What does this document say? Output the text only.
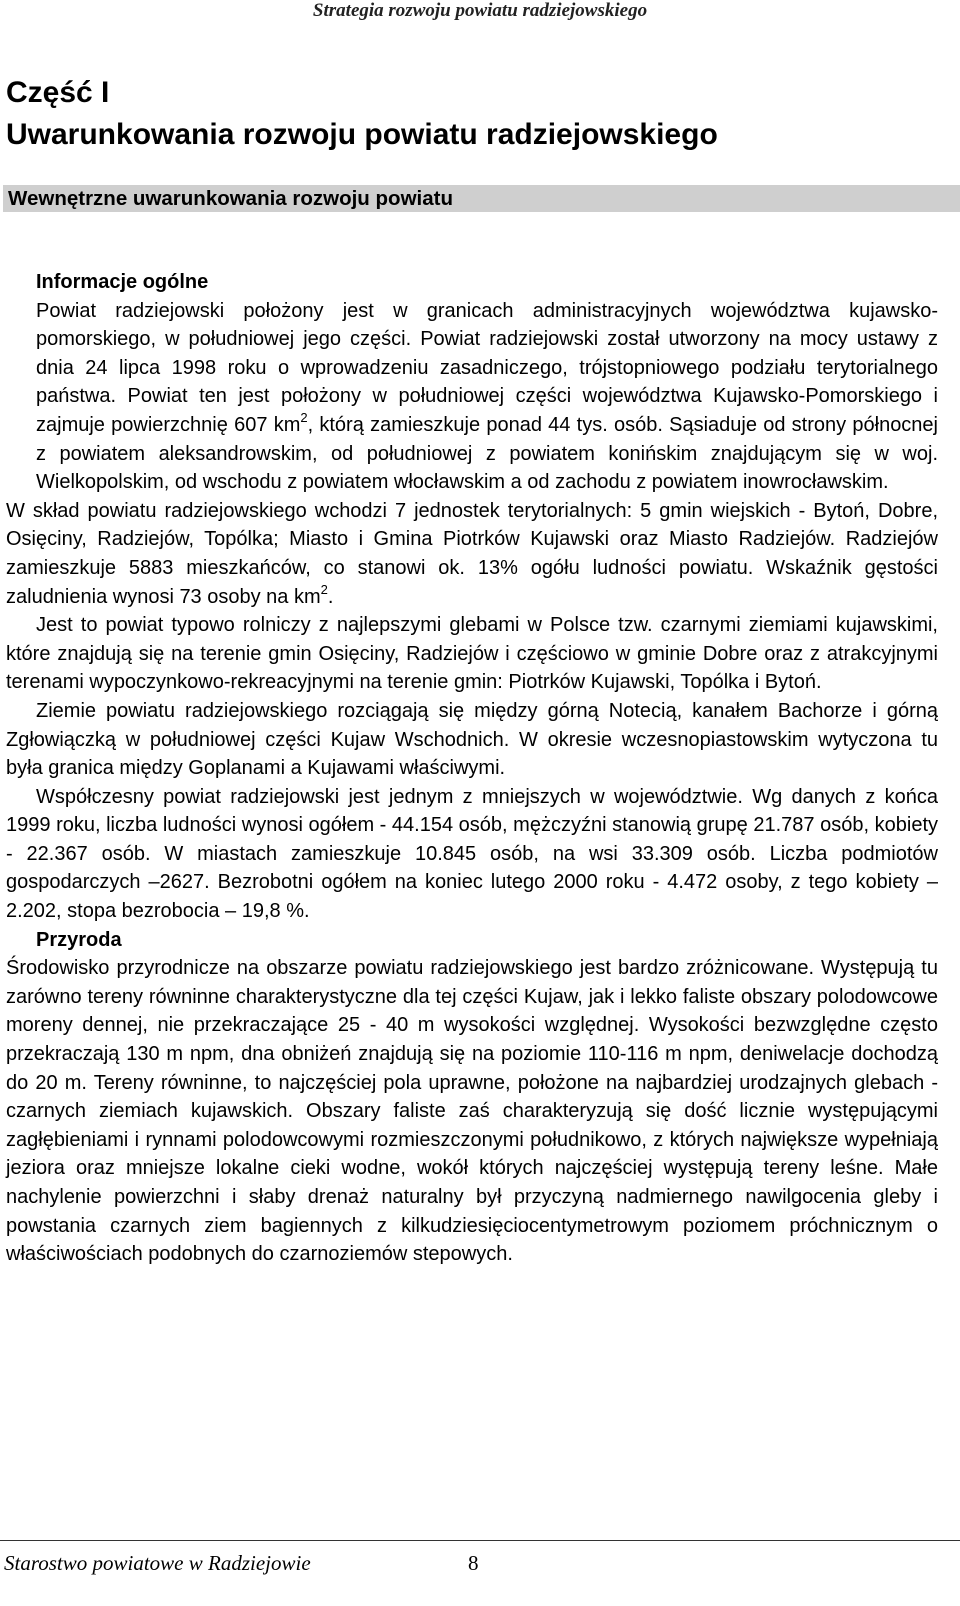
Strategia rozwoju powiatu radziejowskiego
Część I
Uwarunkowania rozwoju powiatu radziejowskiego
Wewnętrzne uwarunkowania rozwoju powiatu

Informacje ogólne

Powiat radziejowski położony jest w granicach administracyjnych województwa kujawsko-pomorskiego, w południowej jego części. Powiat radziejowski został utworzony na mocy ustawy z dnia 24 lipca 1998 roku o wprowadzeniu zasadniczego, trójstopniowego podziału terytorialnego państwa. Powiat ten jest położony w południowej części województwa Kujawsko-Pomorskiego i zajmuje powierzchnię 607 $km^2$, którą zamieszkuje ponad 44 tys. osób. Sąsiaduje od strony północnej z powiatem aleksandrowskim, od południowej z powiatem konińskim znajdującym się w woj. Wielkopolskim, od wschodu z powiatem włocławskim a od zachodu z powiatem inowrocławskim.

W skład powiatu radziejowskiego wchodzi 7 jednostek terytorialnych: 5 gmin wiejskich - Bytoń, Dobre, Osięciny, Radziejów, Topólka; Miasto i Gmina Piotrków Kujawski oraz Miasto Radziejów. Radziejów zamieszkuje 5883 mieszkańców, co stanowi ok. 13% ogółu ludności powiatu. Wskaźnik gęstości zaludnienia wynosi 73 osoby na $km^2$.

Jest to powiat typowo rolniczy z najlepszymi glebami w Polsce tzw. czarnymi ziemiami kujawskimi, które znajdują się na terenie gmin Osięciny, Radziejów i częściowo w gminie Dobre oraz z atrakcyjnymi terenami wypoczynkowo-rekreacyjnymi na terenie gmin: Piotrków Kujawski, Topólka i Bytoń.

Ziemie powiatu radziejowskiego rozciągają się między górną Notecią, kanałem Bachorze i górną Zgłowiączką w południowej części Kujaw Wschodnich. W okresie wczesnopiastowskim wytyczona tu była granica między Goplanami a Kujawami właściwymi.

Współczesny powiat radziejowski jest jednym z mniejszych w województwie. Wg danych z końca 1999 roku, liczba ludności wynosi ogółem - 44.154 osób, mężczyźni stanowią grupę 21.787 osób, kobiety - 22.367 osób. W miastach zamieszkuje 10.845 osób, na wsi 33.309 osób. Liczba podmiotów gospodarczych –2627. Bezrobotni ogółem na koniec lutego 2000 roku - 4.472 osoby, z tego kobiety – 2.202, stopa bezrobocia – 19,8 %.

Przyroda

Środowisko przyrodnicze na obszarze powiatu radziejowskiego jest bardzo zróżnicowane. Występują tu zarówno tereny równinne charakterystyczne dla tej części Kujaw, jak i lekko faliste obszary polodowcowe moreny dennej, nie przekraczające 25 - 40 m wysokości względnej. Wysokości bezwzględne często przekraczają 130 m npm, dna obniżeń znajdują się na poziomie 110-116 m npm, deniwelacje dochodzą do 20 m. Tereny równinne, to najczęściej pola uprawne, położone na najbardziej urodzajnych glebach - czarnych ziemiach kujawskich. Obszary faliste zaś charakteryzują się dość licznie występującymi zagłębieniami i rynnami polodowcowymi rozmieszczonymi południkowo, z których największe wypełniają jeziora oraz mniejsze lokalne cieki wodne, wokół których najczęściej występują tereny leśne. Małe nachylenie powierzchni i słaby drenaż naturalny był przyczyną nadmiernego nawilgocenia gleby i powstania czarnych ziem bagiennych z kilkudziesięciocentymetrowym poziomem próchnicznym o właściwościach podobnych do czarnoziemów stepowych.

Starostwo powiatowe w Radziejowie	8
